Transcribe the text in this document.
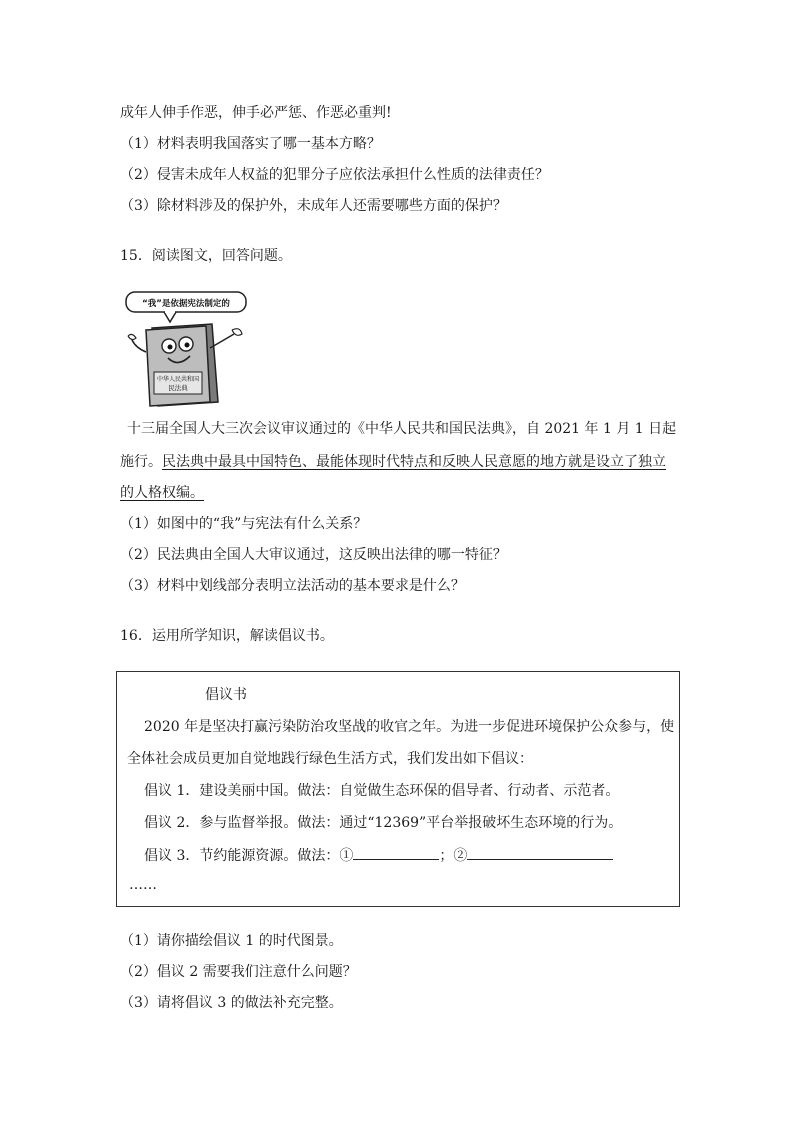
成年人伸手作恶，伸手必严惩、作恶必重判!
（1）材料表明我国落实了哪一基本方略？
（2）侵害未成年人权益的犯罪分子应依法承担什么性质的法律责任？
（3）除材料涉及的保护外，未成年人还需要哪些方面的保护？
15．阅读图文，回答问题。
“我”是依据宪法制定的
中华人民共和国
民法典
十三届全国人大三次会议审议通过的《中华人民共和国民法典》，自 2021 年 1 月 1 日起
施行。民法典中最具中国特色、最能体现时代特点和反映人民意愿的地方就是设立了独立
的人格权编。
（1）如图中的“我”与宪法有什么关系？
（2）民法典由全国人大审议通过，这反映出法律的哪一特征？
（3）材料中划线部分表明立法活动的基本要求是什么？
16．运用所学知识，解读倡议书。
倡议书
2020 年是坚决打赢污染防治攻坚战的收官之年。为进一步促进环境保护公众参与，使
全体社会成员更加自觉地践行绿色生活方式，我们发出如下倡议：
倡议 1．建设美丽中国。做法：自觉做生态环保的倡导者、行动者、示范者。
倡议 2．参与监督举报。做法：通过“12369”平台举报破坏生态环境的行为。
倡议 3．节约能源资源。做法：①	；②
……
（1）请你描绘倡议 1 的时代图景。
（2）倡议 2 需要我们注意什么问题？
（3）请将倡议 3 的做法补充完整。
